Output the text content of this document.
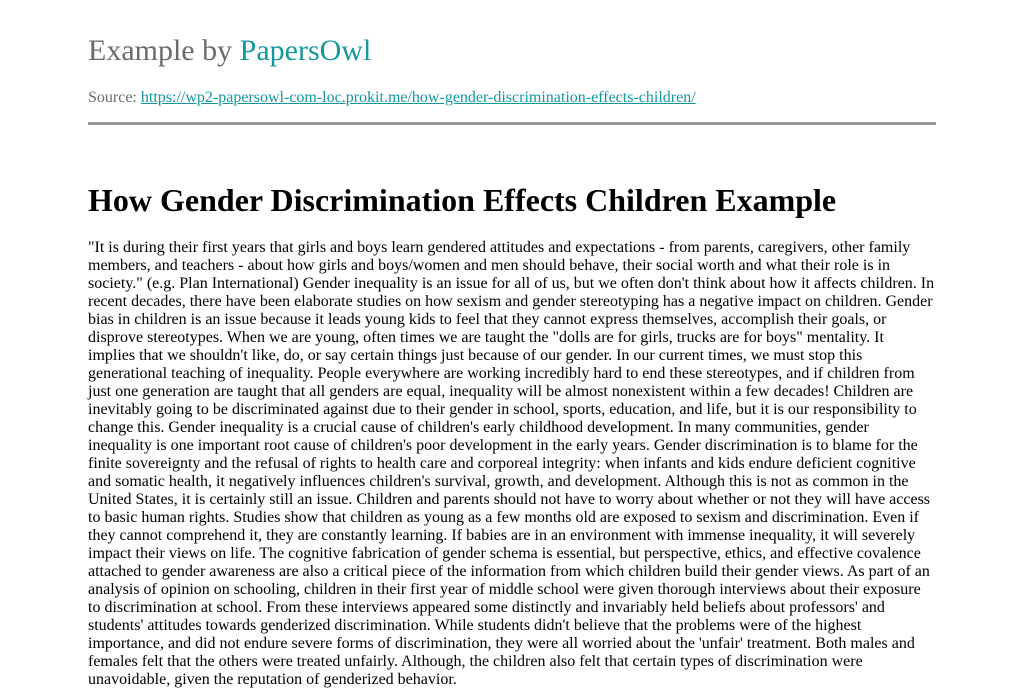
Example by PapersOwl
Source: https://wp2-papersowl-com-loc.prokit.me/how-gender-discrimination-effects-children/
How Gender Discrimination Effects Children Example
"It is during their first years that girls and boys learn gendered attitudes and expectations - from parents, caregivers, other family
members, and teachers - about how girls and boys/women and men should behave, their social worth and what their role is in
society." (e.g. Plan International) Gender inequality is an issue for all of us, but we often don't think about how it affects children. In
recent decades, there have been elaborate studies on how sexism and gender stereotyping has a negative impact on children. Gender
bias in children is an issue because it leads young kids to feel that they cannot express themselves, accomplish their goals, or
disprove stereotypes. When we are young, often times we are taught the "dolls are for girls, trucks are for boys" mentality. It
implies that we shouldn't like, do, or say certain things just because of our gender. In our current times, we must stop this
generational teaching of inequality. People everywhere are working incredibly hard to end these stereotypes, and if children from
just one generation are taught that all genders are equal, inequality will be almost nonexistent within a few decades! Children are
inevitably going to be discriminated against due to their gender in school, sports, education, and life, but it is our responsibility to
change this. Gender inequality is a crucial cause of children's early childhood development. In many communities, gender
inequality is one important root cause of children's poor development in the early years. Gender discrimination is to blame for the
finite sovereignty and the refusal of rights to health care and corporeal integrity: when infants and kids endure deficient cognitive
and somatic health, it negatively influences children's survival, growth, and development. Although this is not as common in the
United States, it is certainly still an issue. Children and parents should not have to worry about whether or not they will have access
to basic human rights. Studies show that children as young as a few months old are exposed to sexism and discrimination. Even if
they cannot comprehend it, they are constantly learning. If babies are in an environment with immense inequality, it will severely
impact their views on life. The cognitive fabrication of gender schema is essential, but perspective, ethics, and effective covalence
attached to gender awareness are also a critical piece of the information from which children build their gender views. As part of an
analysis of opinion on schooling, children in their first year of middle school were given thorough interviews about their exposure
to discrimination at school. From these interviews appeared some distinctly and invariably held beliefs about professors' and
students' attitudes towards genderized discrimination. While students didn't believe that the problems were of the highest
importance, and did not endure severe forms of discrimination, they were all worried about the 'unfair' treatment. Both males and
females felt that the others were treated unfairly. Although, the children also felt that certain types of discrimination were
unavoidable, given the reputation of genderized behavior.
